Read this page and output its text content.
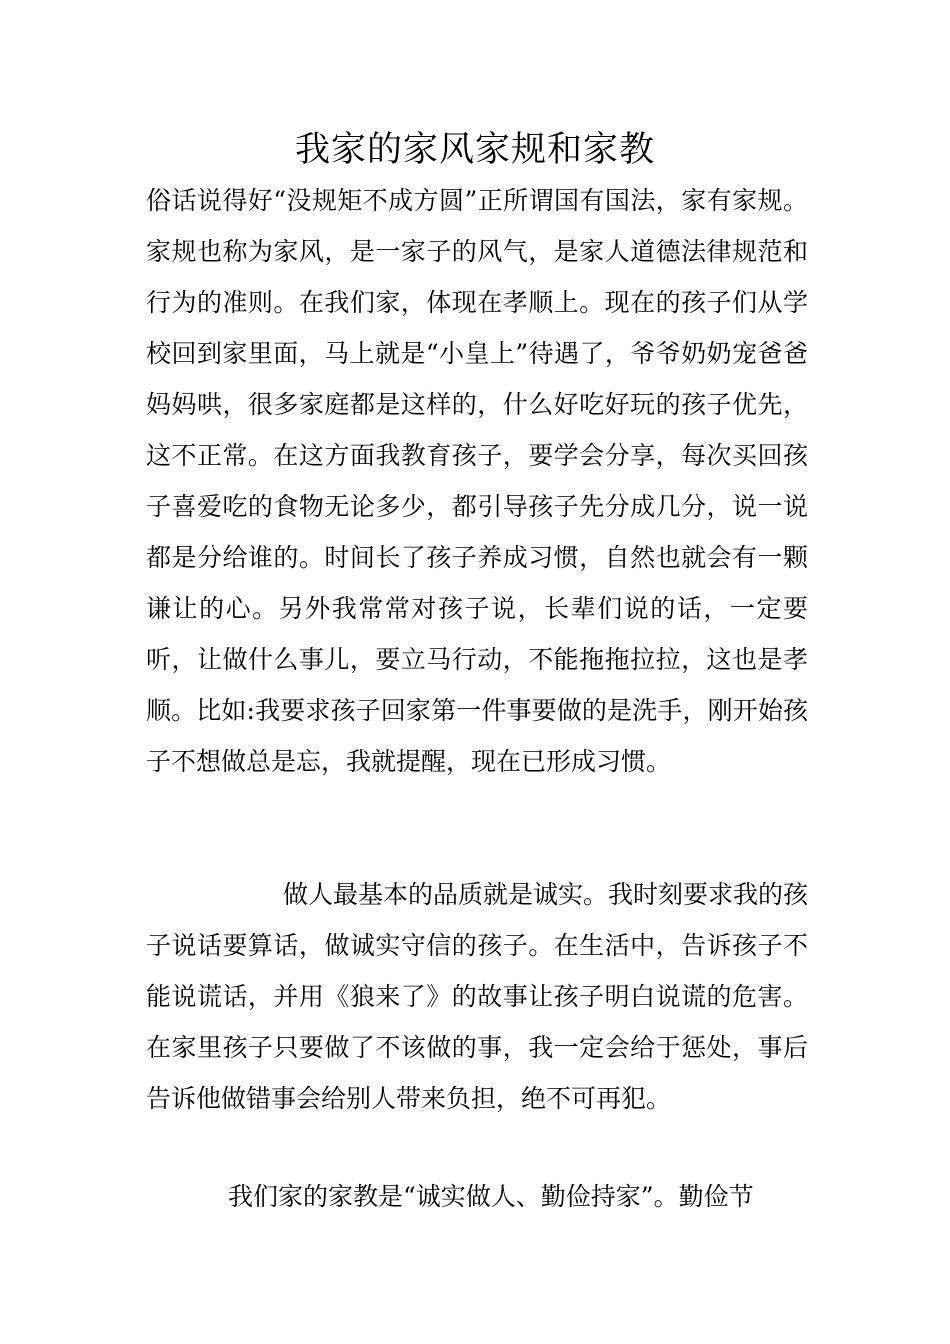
我家的家风家规和家教

俗话说得好“没规矩不成方圆”正所谓国有国法，家有家规。家规也称为家风，是一家子的风气，是家人道德法律规范和行为的准则。在我们家，体现在孝顺上。现在的孩子们从学校回到家里面，马上就是“小皇上”待遇了，爷爷奶奶宠爸爸妈妈哄，很多家庭都是这样的，什么好吃好玩的孩子优先，这不正常。在这方面我教育孩子，要学会分享，每次买回孩子喜爱吃的食物无论多少，都引导孩子先分成几分，说一说都是分给谁的。时间长了孩子养成习惯，自然也就会有一颗谦让的心。另外我常常对孩子说，长辈们说的话，一定要听，让做什么事儿，要立马行动，不能拖拖拉拉，这也是孝顺。比如:我要求孩子回家第一件事要做的是洗手，刚开始孩子不想做总是忘，我就提醒，现在已形成习惯。

做人最基本的品质就是诚实。我时刻要求我的孩子说话要算话，做诚实守信的孩子。在生活中，告诉孩子不能说谎话，并用《狼来了》的故事让孩子明白说谎的危害。在家里孩子只要做了不该做的事，我一定会给于惩处，事后告诉他做错事会给别人带来负担，绝不可再犯。

我们家的家教是“诚实做人、勤俭持家”。勤俭节
